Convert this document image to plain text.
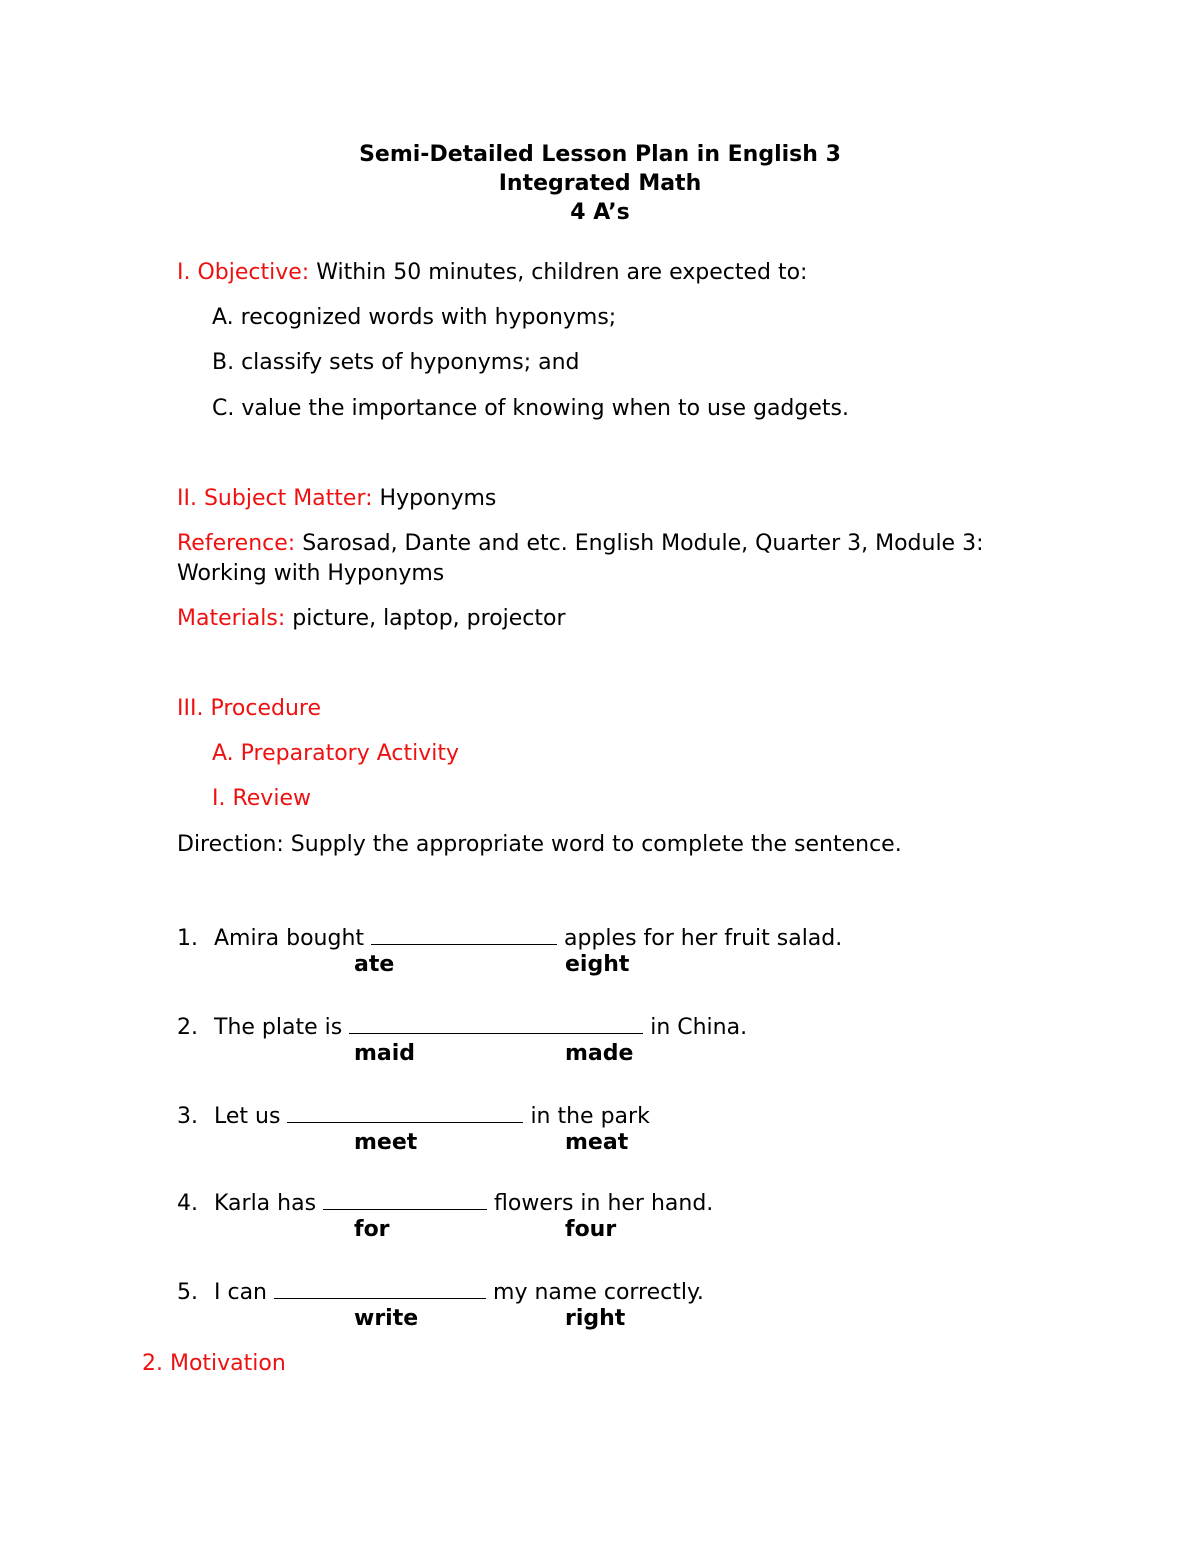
Semi-Detailed Lesson Plan in English 3
Integrated Math
4 A’s
I. Objective: Within 50 minutes, children are expected to:
A. recognized words with hyponyms;
B. classify sets of hyponyms; and
C. value the importance of knowing when to use gadgets.
II. Subject Matter: Hyponyms
Reference: Sarosad, Dante and etc. English Module, Quarter 3, Module 3:
Working with Hyponyms
Materials: picture, laptop, projector
III. Procedure
A. Preparatory Activity
I. Review
Direction: Supply the appropriate word to complete the sentence.
1. Amira bought	apples for her fruit salad.
ate	eight
2. The plate is	in China.
maid	made
3. Let us	in the park
meet	meat
4. Karla has	flowers in her hand.
for	four
5. I can	my name correctly.
write	right
2. Motivation
